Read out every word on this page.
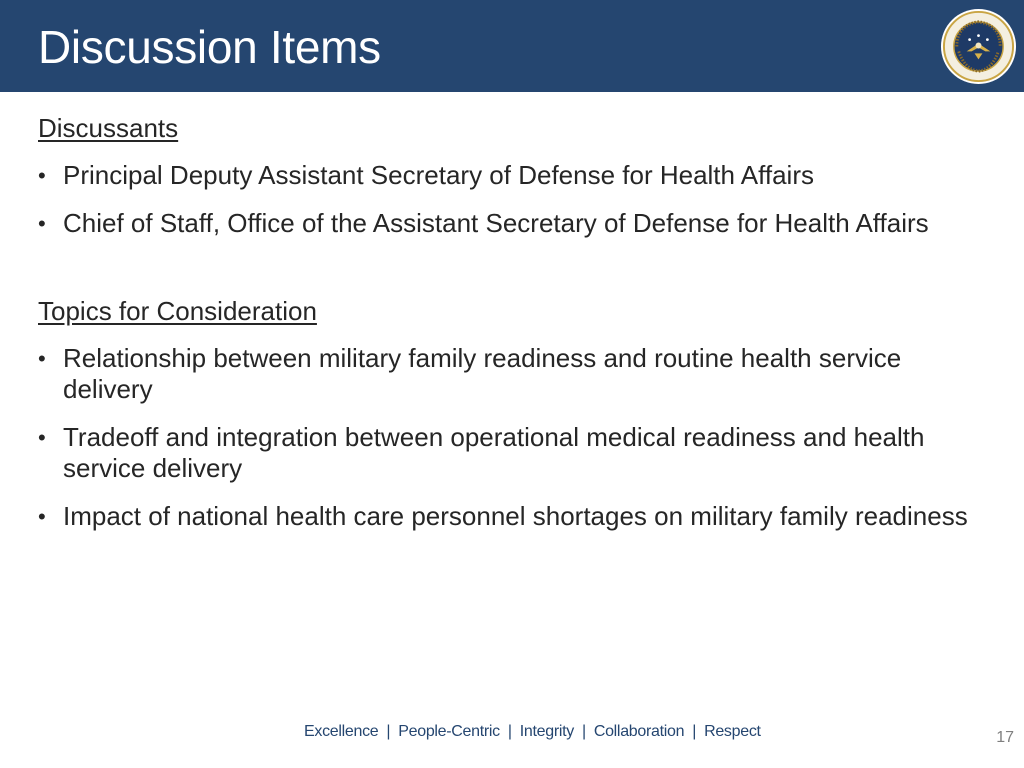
Discussion Items
Discussants
• Principal Deputy Assistant Secretary of Defense for Health Affairs
• Chief of Staff, Office of the Assistant Secretary of Defense for Health Affairs
Topics for Consideration
• Relationship between military family readiness and routine health service delivery
• Tradeoff and integration between operational medical readiness and health service delivery
• Impact of national health care personnel shortages on military family readiness
Excellence | People-Centric | Integrity | Collaboration | Respect	17
